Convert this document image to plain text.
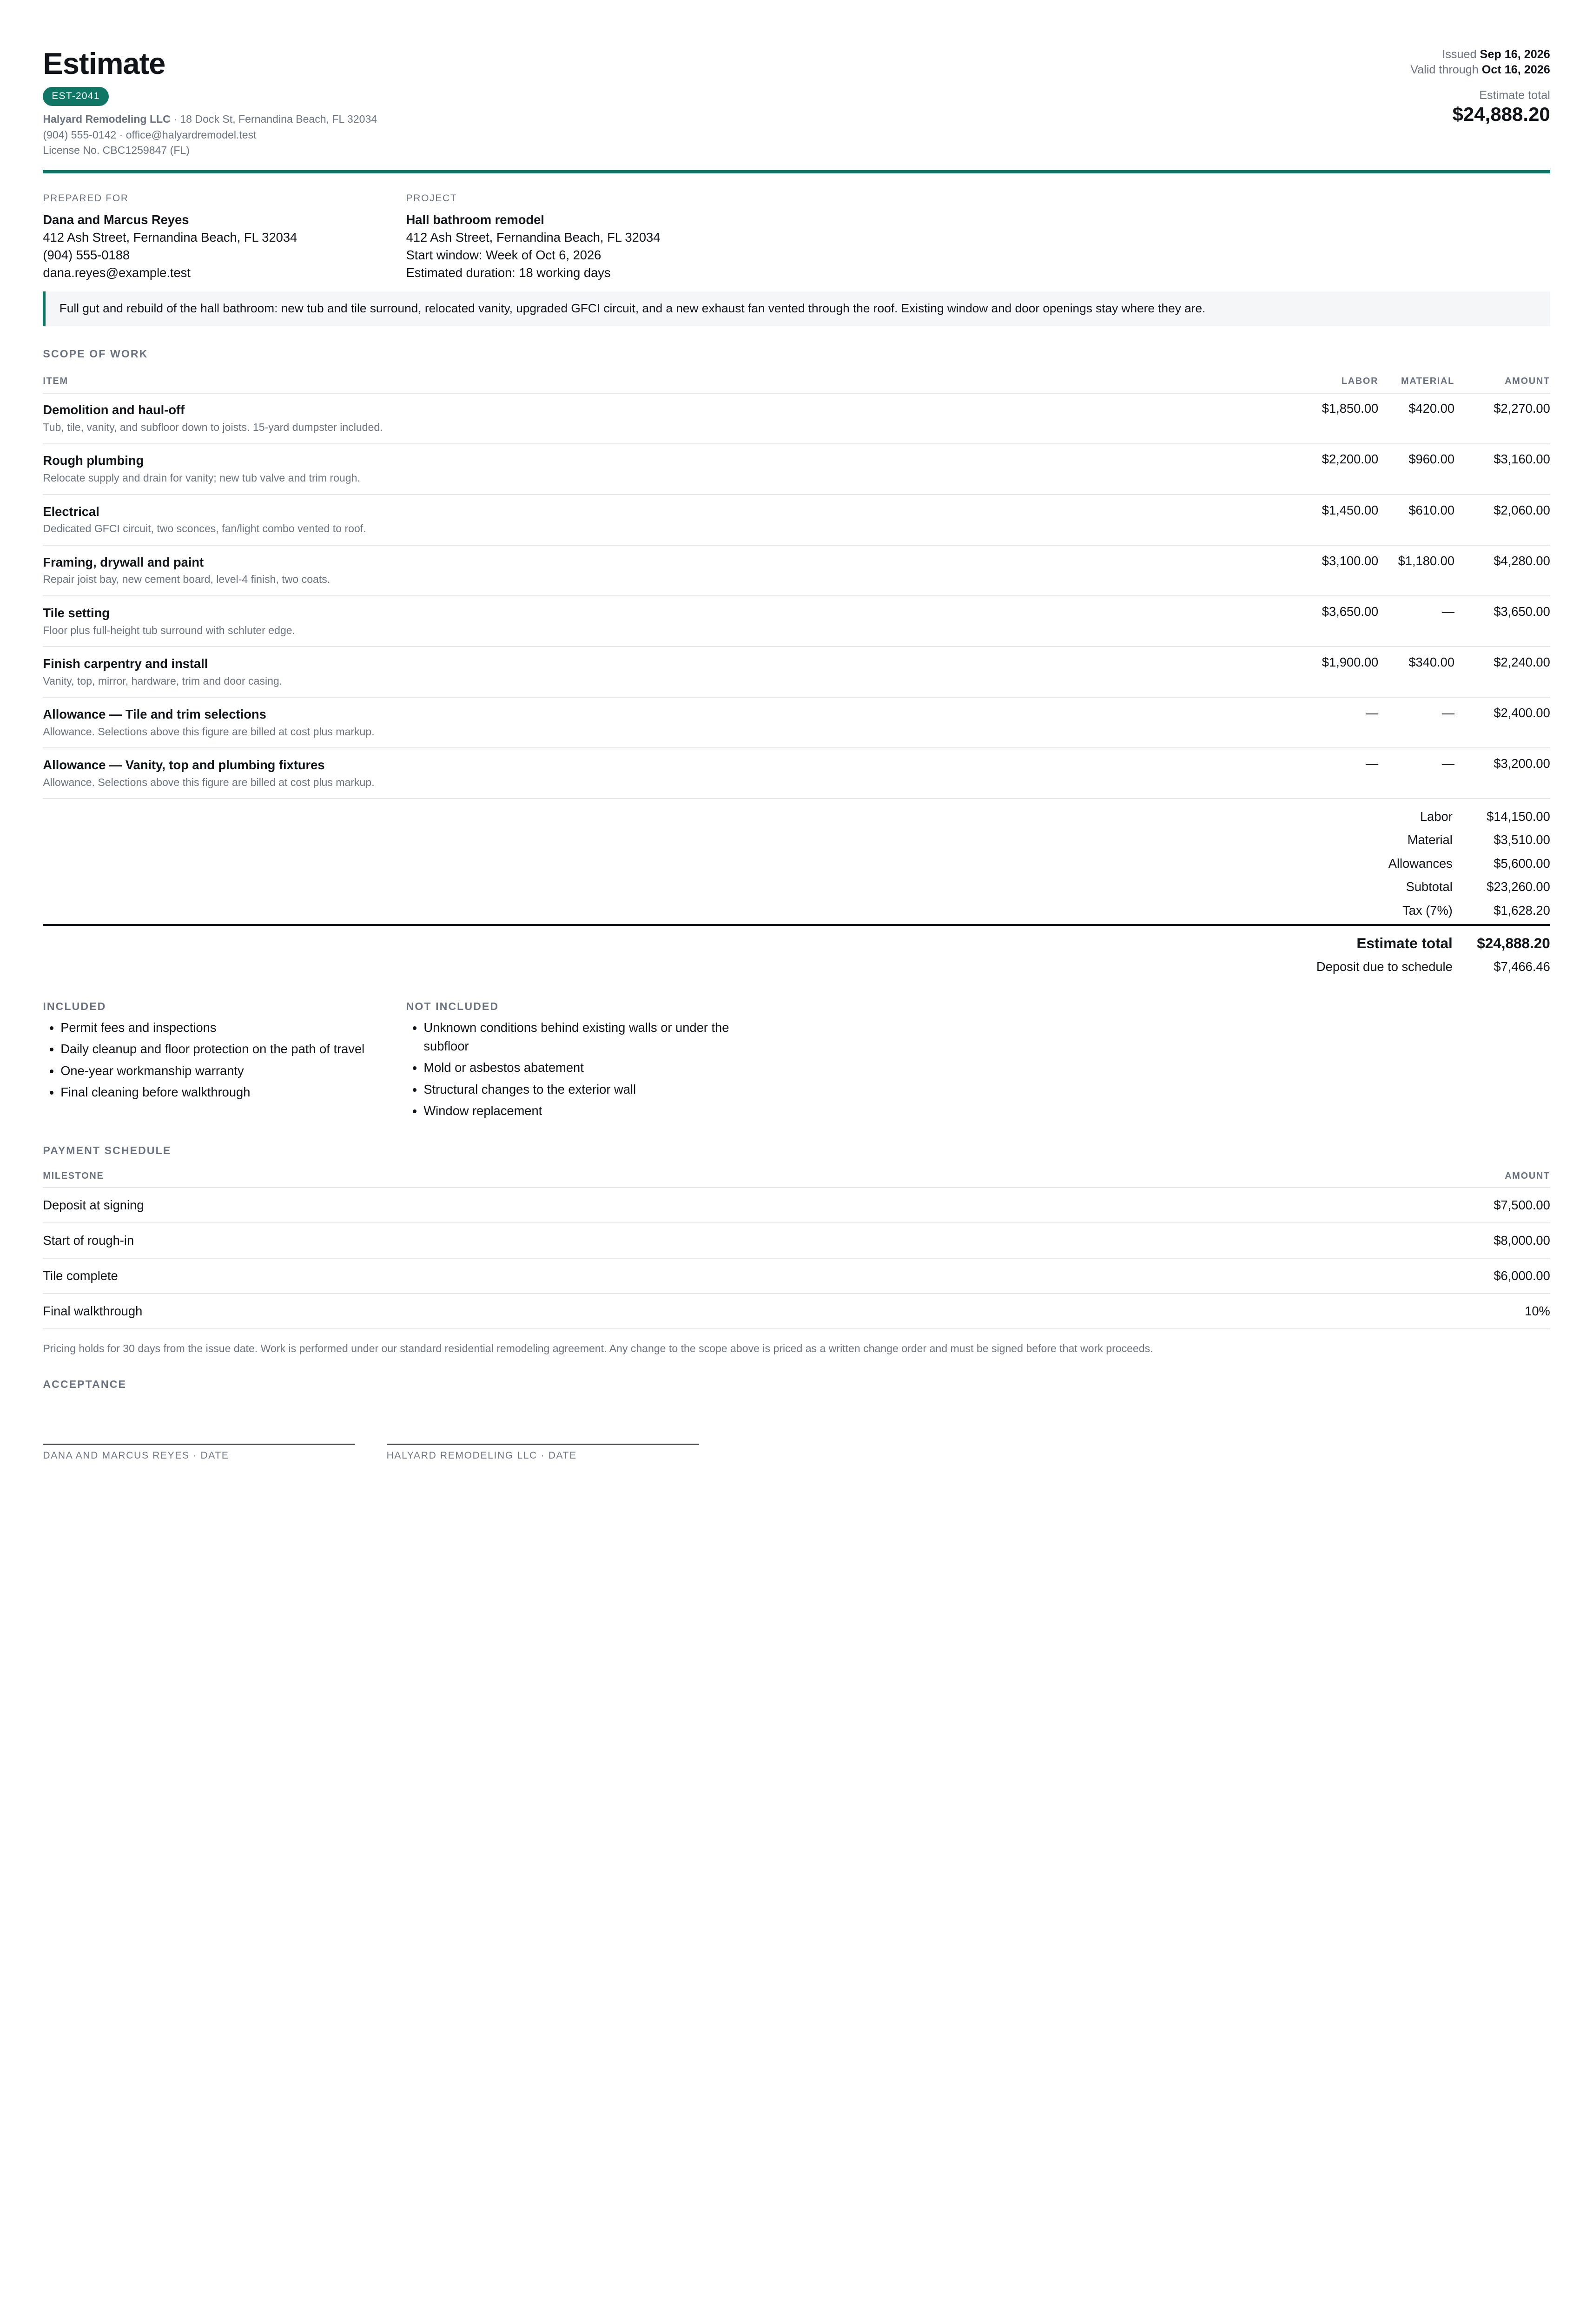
Estimate
EST-2041
Halyard Remodeling LLC · 18 Dock St, Fernandina Beach, FL 32034
(904) 555-0142 · office@halyardremodel.test
License No. CBC1259847 (FL)
Issued Sep 16, 2026
Valid through Oct 16, 2026
Estimate total
$24,888.20
PREPARED FOR
Dana and Marcus Reyes
412 Ash Street, Fernandina Beach, FL 32034
(904) 555-0188
dana.reyes@example.test
PROJECT
Hall bathroom remodel
412 Ash Street, Fernandina Beach, FL 32034
Start window: Week of Oct 6, 2026
Estimated duration: 18 working days
Full gut and rebuild of the hall bathroom: new tub and tile surround, relocated vanity, upgraded GFCI circuit, and a new exhaust fan vented through the roof. Existing window and door openings stay where they are.
SCOPE OF WORK
ITEM	LABOR	MATERIAL	AMOUNT

Demolition and haul-off
Tub, tile, vanity, and subfloor down to joists. 15-yard dumpster included.	$1,850.00	$420.00	$2,270.00

Rough plumbing
Relocate supply and drain for vanity; new tub valve and trim rough.	$2,200.00	$960.00	$3,160.00

Electrical
Dedicated GFCI circuit, two sconces, fan/light combo vented to roof.	$1,450.00	$610.00	$2,060.00

Framing, drywall and paint
Repair joist bay, new cement board, level-4 finish, two coats.	$3,100.00	$1,180.00	$4,280.00

Tile setting
Floor plus full-height tub surround with schluter edge.	$3,650.00	—	$3,650.00

Finish carpentry and install
Vanity, top, mirror, hardware, trim and door casing.	$1,900.00	$340.00	$2,240.00

Allowance — Tile and trim selections
Allowance. Selections above this figure are billed at cost plus markup.	—	—	$2,400.00

Allowance — Vanity, top and plumbing fixtures
Allowance. Selections above this figure are billed at cost plus markup.	—	—	$3,200.00
Labor	$14,150.00
Material	$3,510.00
Allowances	$5,600.00
Subtotal	$23,260.00
Tax (7%)	$1,628.20
Estimate total	$24,888.20
Deposit due to schedule	$7,466.46
INCLUDED
• Permit fees and inspections
• Daily cleanup and floor protection on the path of travel
• One-year workmanship warranty
• Final cleaning before walkthrough
NOT INCLUDED
• Unknown conditions behind existing walls or under the subfloor
• Mold or asbestos abatement
• Structural changes to the exterior wall
• Window replacement
PAYMENT SCHEDULE
MILESTONE	AMOUNT
Deposit at signing	$7,500.00
Start of rough-in	$8,000.00
Tile complete	$6,000.00
Final walkthrough	10%
Pricing holds for 30 days from the issue date. Work is performed under our standard residential remodeling agreement. Any change to the scope above is priced as a written change order and must be signed before that work proceeds.
ACCEPTANCE
DANA AND MARCUS REYES · DATE	HALYARD REMODELING LLC · DATE
